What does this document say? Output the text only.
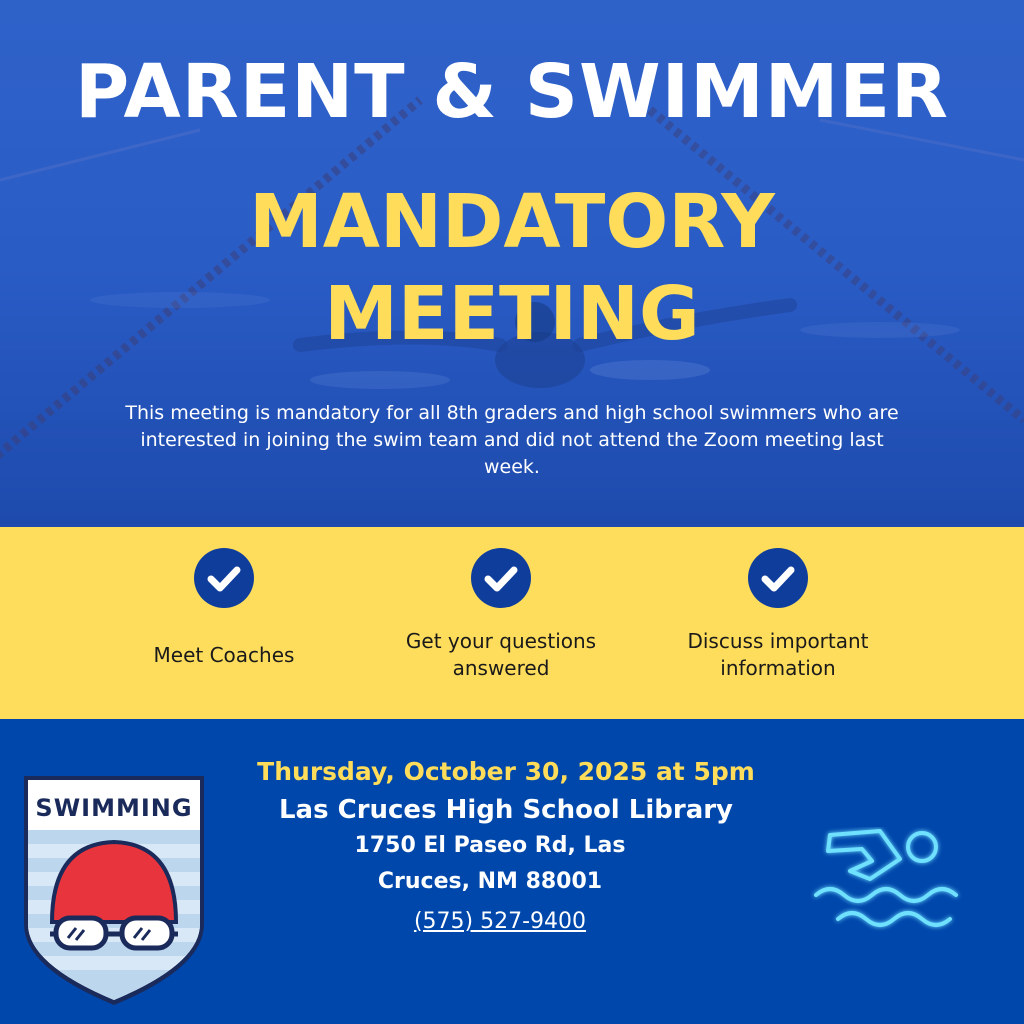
PARENT & SWIMMER
MANDATORY
MEETING
This meeting is mandatory for all 8th graders and high school swimmers who are interested in joining the swim team and did not attend the Zoom meeting last week.
Meet Coaches
Get your questions answered
Discuss important information
SWIMMING
Thursday, October 30, 2025 at 5pm
Las Cruces High School Library
1750 El Paseo Rd, Las
Cruces, NM 88001
(575) 527-9400
